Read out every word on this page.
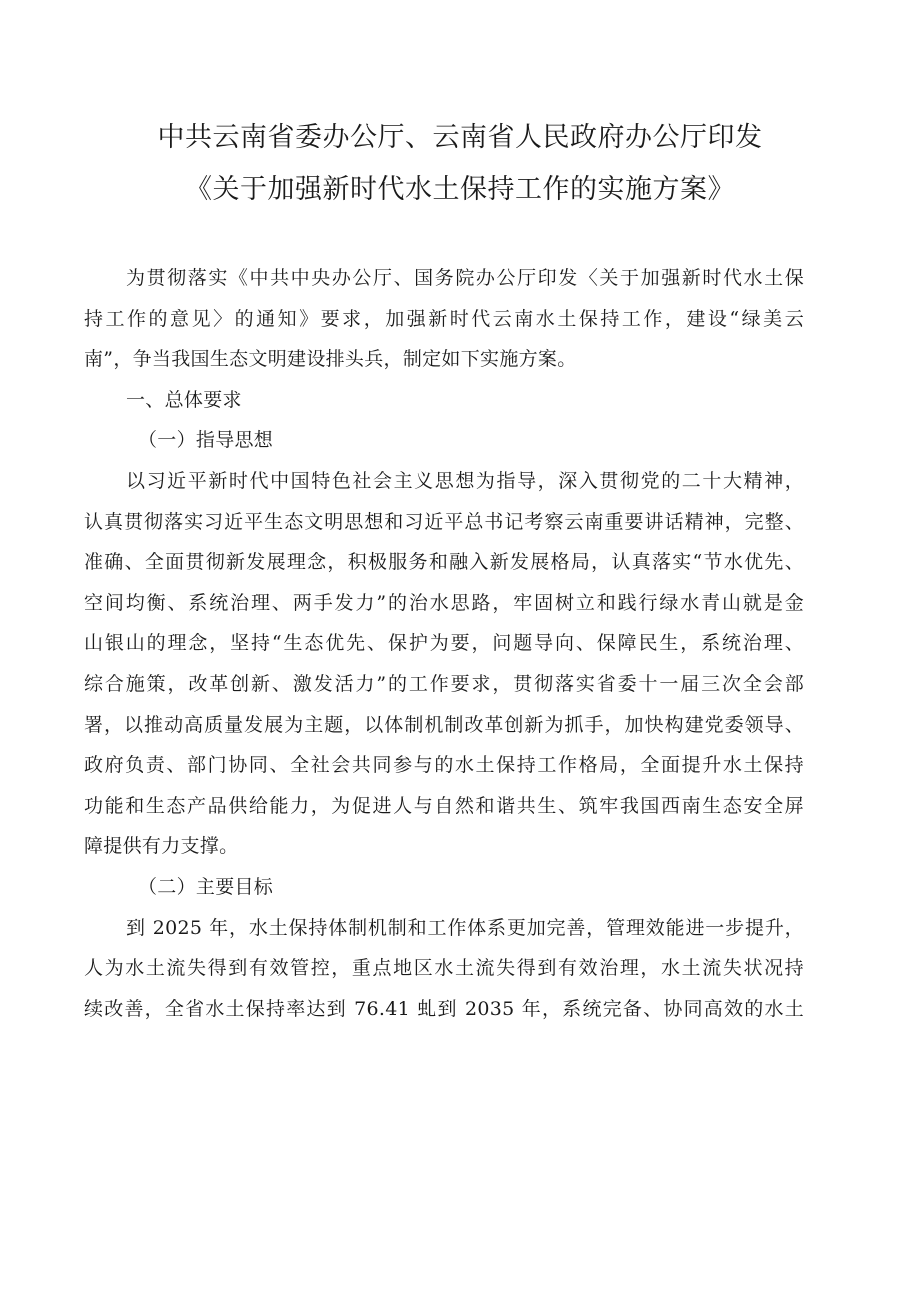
中共云南省委办公厅、云南省人民政府办公厅印发
《关于加强新时代水土保持工作的实施方案》
为贯彻落实《中共中央办公厅、国务院办公厅印发〈关于加强新时代水土保
持工作的意见〉的通知》要求，加强新时代云南水土保持工作，建设“绿美云
南”，争当我国生态文明建设排头兵，制定如下实施方案。
一、总体要求
（一）指导思想
以习近平新时代中国特色社会主义思想为指导，深入贯彻党的二十大精神，
认真贯彻落实习近平生态文明思想和习近平总书记考察云南重要讲话精神，完整、
准确、全面贯彻新发展理念，积极服务和融入新发展格局，认真落实“节水优先、
空间均衡、系统治理、两手发力”的治水思路，牢固树立和践行绿水青山就是金
山银山的理念，坚持“生态优先、保护为要，问题导向、保障民生，系统治理、
综合施策，改革创新、激发活力”的工作要求，贯彻落实省委十一届三次全会部
署，以推动高质量发展为主题，以体制机制改革创新为抓手，加快构建党委领导、
政府负责、部门协同、全社会共同参与的水土保持工作格局，全面提升水土保持
功能和生态产品供给能力，为促进人与自然和谐共生、筑牢我国西南生态安全屏
障提供有力支撑。
（二）主要目标
到 2025 年，水土保持体制机制和工作体系更加完善，管理效能进一步提升，
人为水土流失得到有效管控，重点地区水土流失得到有效治理，水土流失状况持
续改善，全省水土保持率达到 76.41 虬到 2035 年，系统完备、协同高效的水土
